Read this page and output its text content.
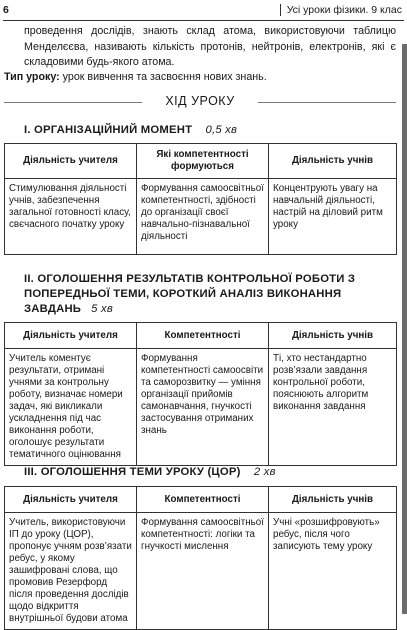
6	Усі уроки фізики. 9 клас
проведення дослідів, знають склад атома, використовуючи таблицю Менделєєва, називають кількість протонів, нейтронів, електронів, які є складовими будь-якого атома.
Тип уроку: урок вивчення та засвоєння нових знань.
ХІД УРОКУ
I. ОРГАНІЗАЦІЙНИЙ МОМЕНТ 0,5 хв
Діяльність учителя	Які компетентності формуються	Діяльність учнів
Стимулювання діяльності учнів, забезпечення загальної готовності класу, свєчасного початку уроку	Формування самоосвітньої компетентності, здібності до організації своєї навчально-пізнавальної діяльності	Концентрують увагу на навчальній діяльності, настрій на діловий ритм уроку
II. ОГОЛОШЕННЯ РЕЗУЛЬТАТІВ КОНТРОЛЬНОЇ РОБОТИ З ПОПЕРЕДНЬОЇ ТЕМИ, КОРОТКИЙ АНАЛІЗ ВИКОНАННЯ ЗАВДАНЬ 5 хв
Діяльність учителя	Компетентності	Діяльність учнів
Учитель коментує результати, отримані учнями за контрольну роботу, визначає номери задач, які викликали ускладнення під час виконання роботи, оголошує результати тематичного оцінювання	Формування компетентності самоосвіти та саморозвитку — уміння організації прийомів самонавчання, гнучкості застосування отриманих знань	Ті, хто нестандартно розв’язали завдання контрольної роботи, пояснюють алгоритм виконання завдання
III. ОГОЛОШЕННЯ ТЕМИ УРОКУ (ЦОР) 2 хв
Діяльність учителя	Компетентності	Діяльність учнів
Учитель, використовуючи ІП до уроку (ЦОР), пропонує учням розв’язати ребус, у якому зашифровані слова, що промовив Резерфорд після проведення дослідів щодо відкриття внутрішньої будови атома	Формування самоосвітньої компетентності: логіки та гнучкості мислення	Учні «розшифровують» ребус, після чого записують тему уроку
